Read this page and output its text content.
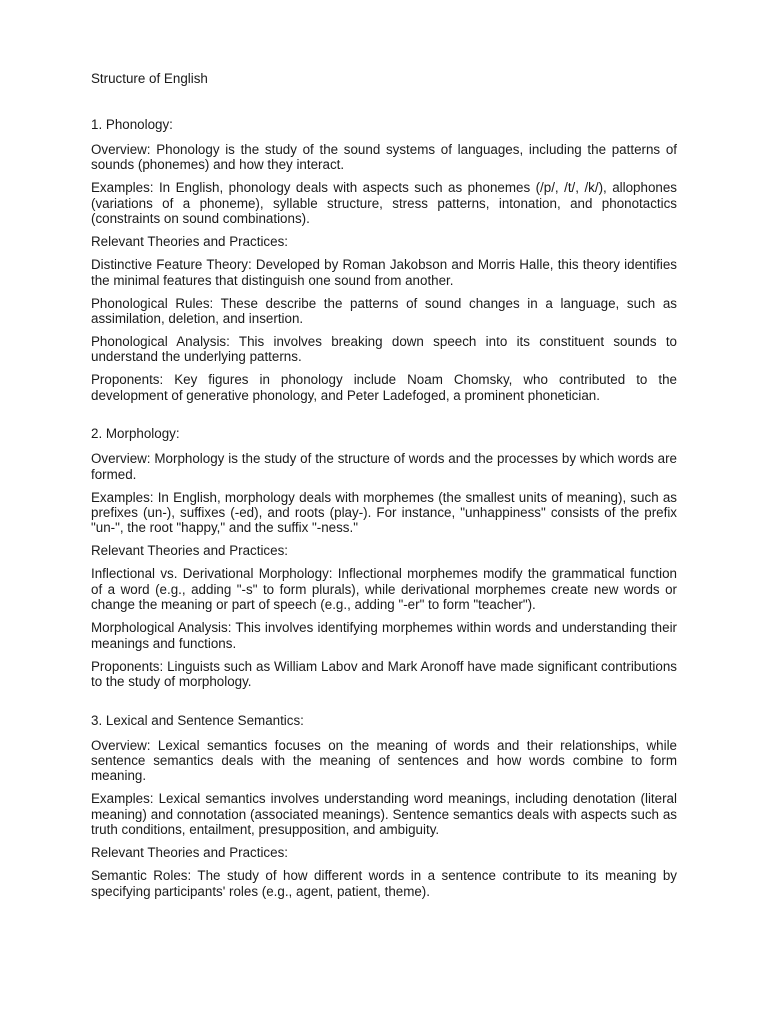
Structure of English
1. Phonology:

Overview: Phonology is the study of the sound systems of languages, including the patterns of sounds (phonemes) and how they interact.

Examples: In English, phonology deals with aspects such as phonemes (/p/, /t/, /k/), allophones (variations of a phoneme), syllable structure, stress patterns, intonation, and phonotactics (constraints on sound combinations).

Relevant Theories and Practices:

Distinctive Feature Theory: Developed by Roman Jakobson and Morris Halle, this theory identifies the minimal features that distinguish one sound from another.

Phonological Rules: These describe the patterns of sound changes in a language, such as assimilation, deletion, and insertion.

Phonological Analysis: This involves breaking down speech into its constituent sounds to understand the underlying patterns.

Proponents: Key figures in phonology include Noam Chomsky, who contributed to the development of generative phonology, and Peter Ladefoged, a prominent phonetician.

2. Morphology:

Overview: Morphology is the study of the structure of words and the processes by which words are formed.

Examples: In English, morphology deals with morphemes (the smallest units of meaning), such as prefixes (un-), suffixes (-ed), and roots (play-). For instance, "unhappiness" consists of the prefix "un-", the root "happy," and the suffix "-ness."

Relevant Theories and Practices:

Inflectional vs. Derivational Morphology: Inflectional morphemes modify the grammatical function of a word (e.g., adding "-s" to form plurals), while derivational morphemes create new words or change the meaning or part of speech (e.g., adding "-er" to form "teacher").

Morphological Analysis: This involves identifying morphemes within words and understanding their meanings and functions.

Proponents: Linguists such as William Labov and Mark Aronoff have made significant contributions to the study of morphology.

3. Lexical and Sentence Semantics:

Overview: Lexical semantics focuses on the meaning of words and their relationships, while sentence semantics deals with the meaning of sentences and how words combine to form meaning.

Examples: Lexical semantics involves understanding word meanings, including denotation (literal meaning) and connotation (associated meanings). Sentence semantics deals with aspects such as truth conditions, entailment, presupposition, and ambiguity.

Relevant Theories and Practices:

Semantic Roles: The study of how different words in a sentence contribute to its meaning by specifying participants' roles (e.g., agent, patient, theme).
